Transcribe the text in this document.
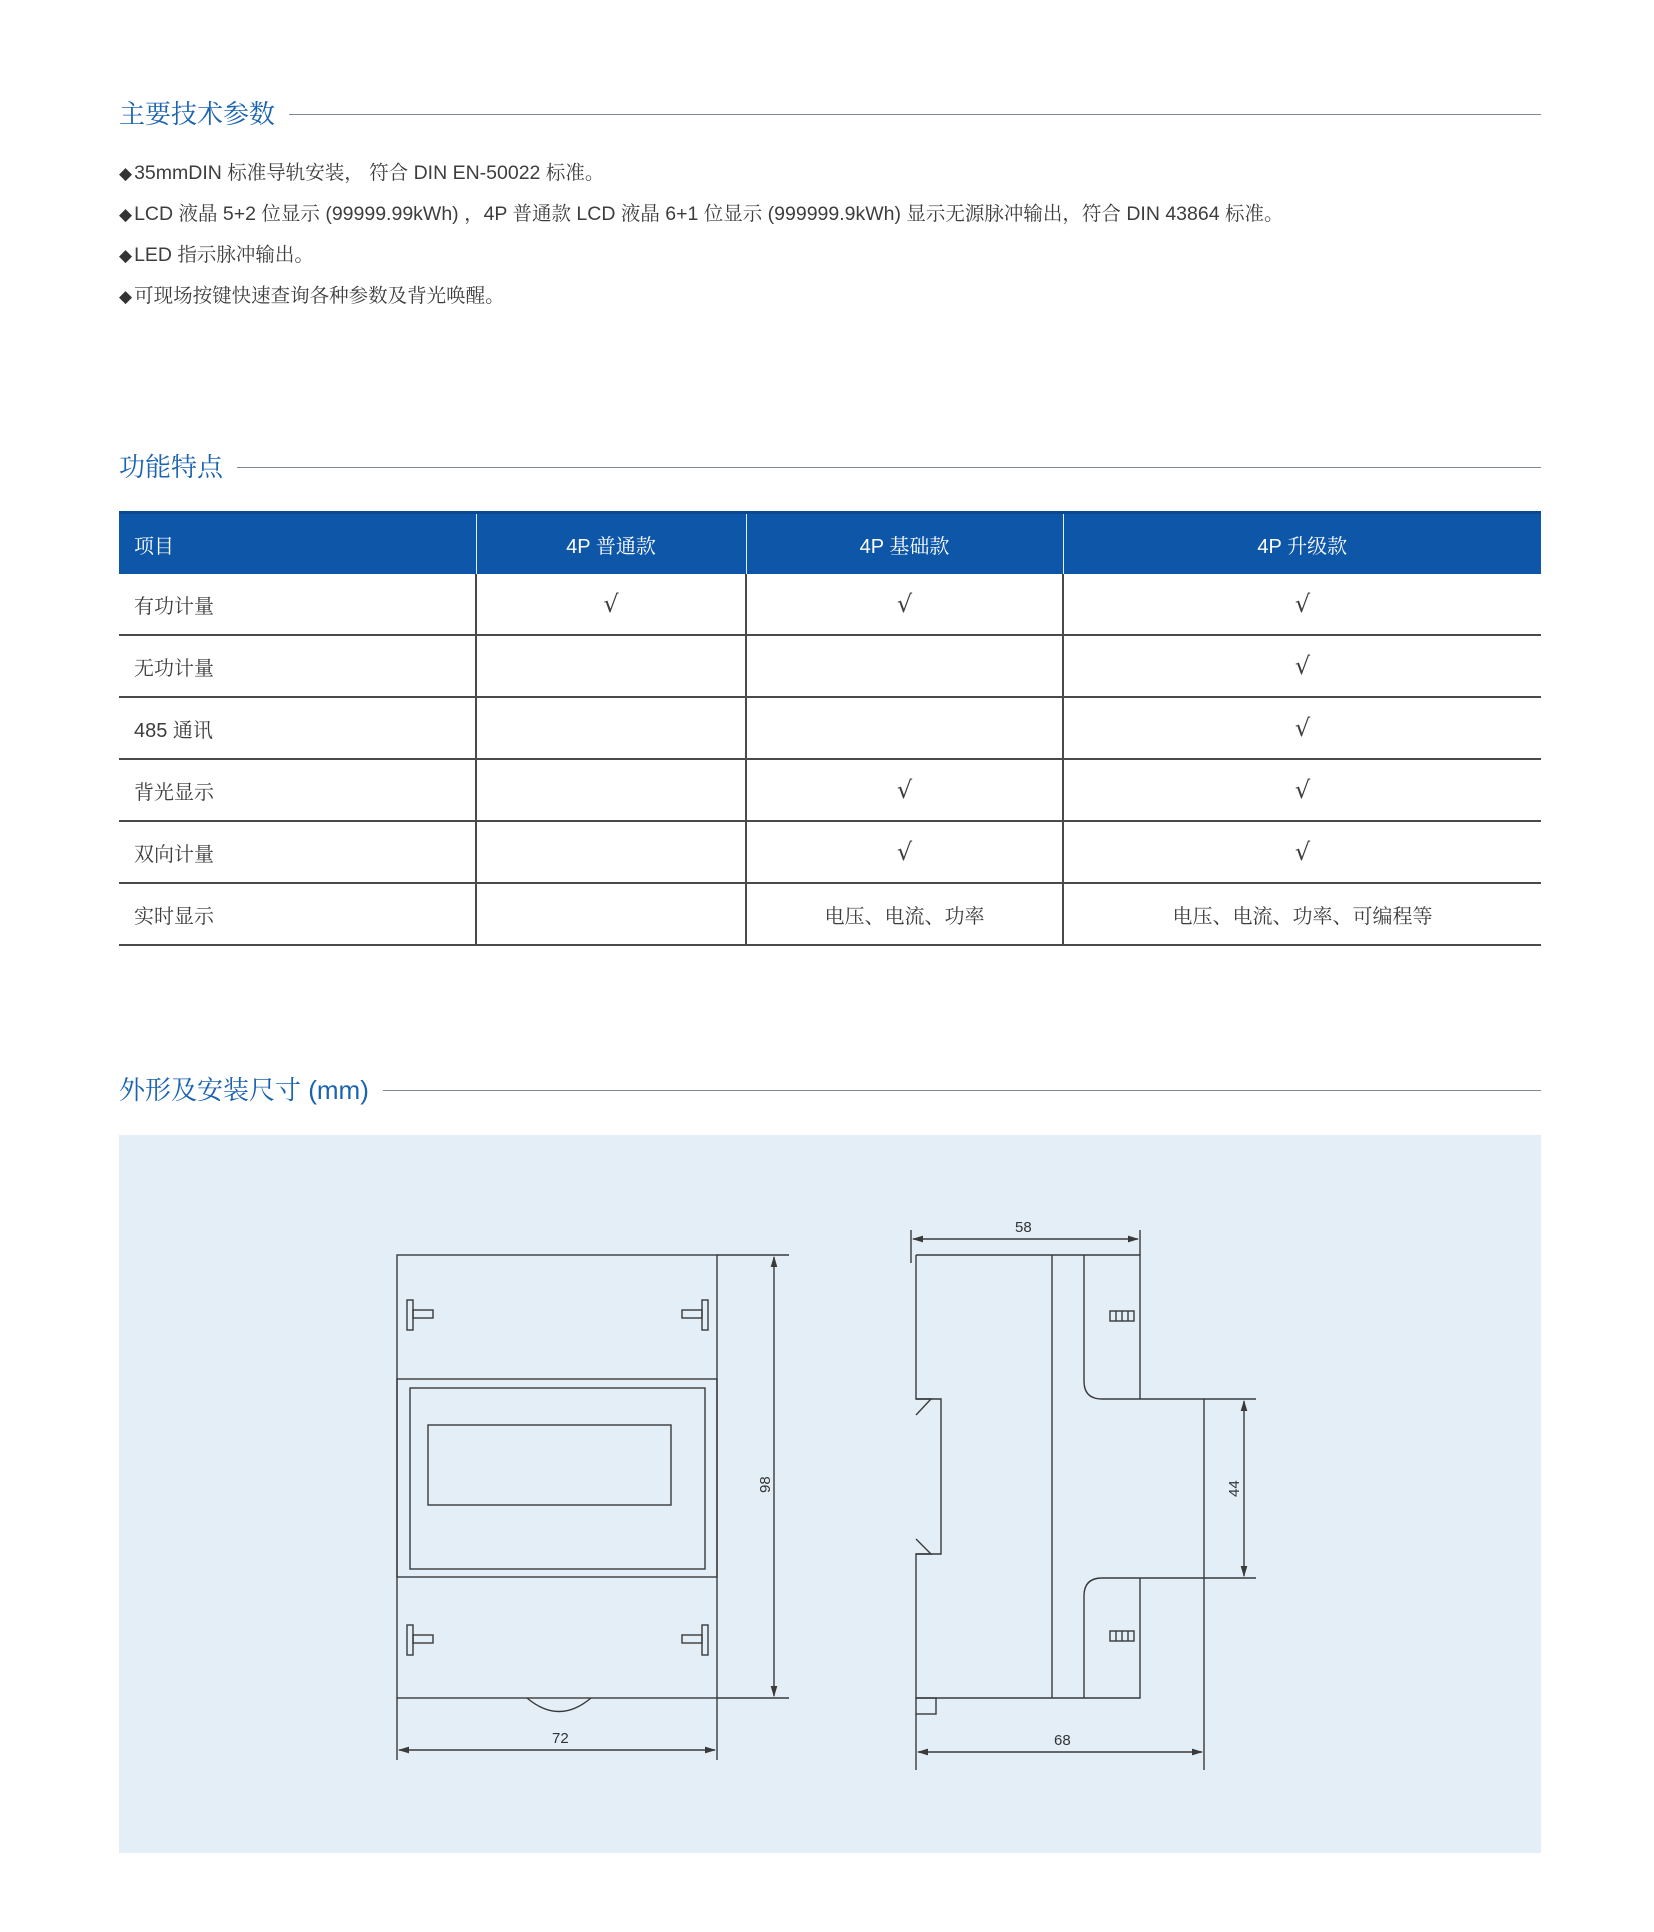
主要技术参数
◆ 35mmDIN 标准导轨安装， 符合 DIN EN-50022 标准。
◆ LCD 液晶 5+2 位显示 (99999.99kWh) ，4P 普通款 LCD 液晶 6+1 位显示 (999999.9kWh) 显示无源脉冲输出，符合 DIN 43864 标准。
◆ LED 指示脉冲输出。
◆ 可现场按键快速查询各种参数及背光唤醒。
功能特点
项目	4P 普通款	4P 基础款	4P 升级款
有功计量	√	√	√
无功计量			√
485 通讯			√
背光显示		√	√
双向计量		√	√
实时显示		电压、电流、功率	电压、电流、功率、可编程等
外形及安装尺寸 (mm)
72
98
58
68
44
